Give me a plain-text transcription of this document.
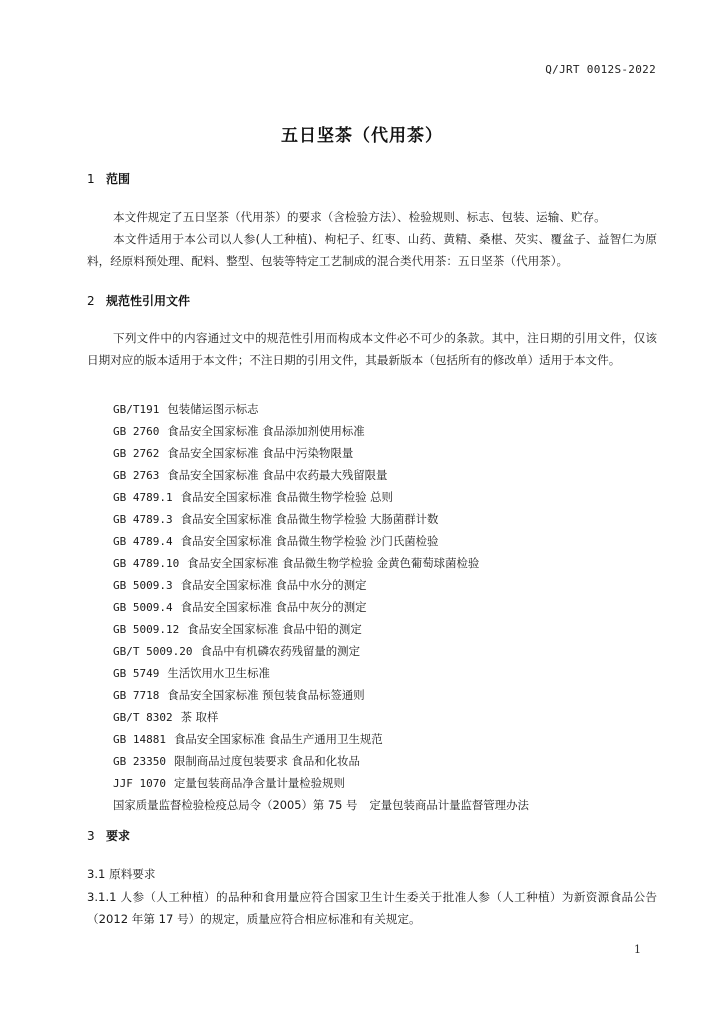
Q/JRT 0012S-2022
五日坚茶（代用茶）
1 范围
本文件规定了五日坚茶（代用茶）的要求（含检验方法）、检验规则、标志、包装、运输、贮存。
本文件适用于本公司以人参(人工种植)、枸杞子、红枣、山药、黄精、桑椹、芡实、覆盆子、益智仁为原料，经原料预处理、配料、整型、包装等特定工艺制成的混合类代用茶：五日坚茶（代用茶）。
2 规范性引用文件
下列文件中的内容通过文中的规范性引用而构成本文件必不可少的条款。其中，注日期的引用文件，仅该日期对应的版本适用于本文件；不注日期的引用文件，其最新版本（包括所有的修改单）适用于本文件。
GB/T191 包装储运图示标志
GB 2760 食品安全国家标准 食品添加剂使用标准
GB 2762 食品安全国家标准 食品中污染物限量
GB 2763 食品安全国家标准 食品中农药最大残留限量
GB 4789.1 食品安全国家标准 食品微生物学检验 总则
GB 4789.3 食品安全国家标准 食品微生物学检验 大肠菌群计数
GB 4789.4 食品安全国家标准 食品微生物学检验 沙门氏菌检验
GB 4789.10 食品安全国家标准 食品微生物学检验 金黄色葡萄球菌检验
GB 5009.3 食品安全国家标准 食品中水分的测定
GB 5009.4 食品安全国家标准 食品中灰分的测定
GB 5009.12 食品安全国家标准 食品中铅的测定
GB/T 5009.20 食品中有机磷农药残留量的测定
GB 5749 生活饮用水卫生标准
GB 7718 食品安全国家标准 预包装食品标签通则
GB/T 8302 茶 取样
GB 14881 食品安全国家标准 食品生产通用卫生规范
GB 23350 限制商品过度包装要求 食品和化妆品
JJF 1070 定量包装商品净含量计量检验规则
国家质量监督检验检疫总局令（2005）第 75 号 定量包装商品计量监督管理办法
3 要求
3.1 原料要求
3.1.1 人参（人工种植）的品种和食用量应符合国家卫生计生委关于批准人参（人工种植）为新资源食品公告（2012 年第 17 号）的规定，质量应符合相应标准和有关规定。
1
